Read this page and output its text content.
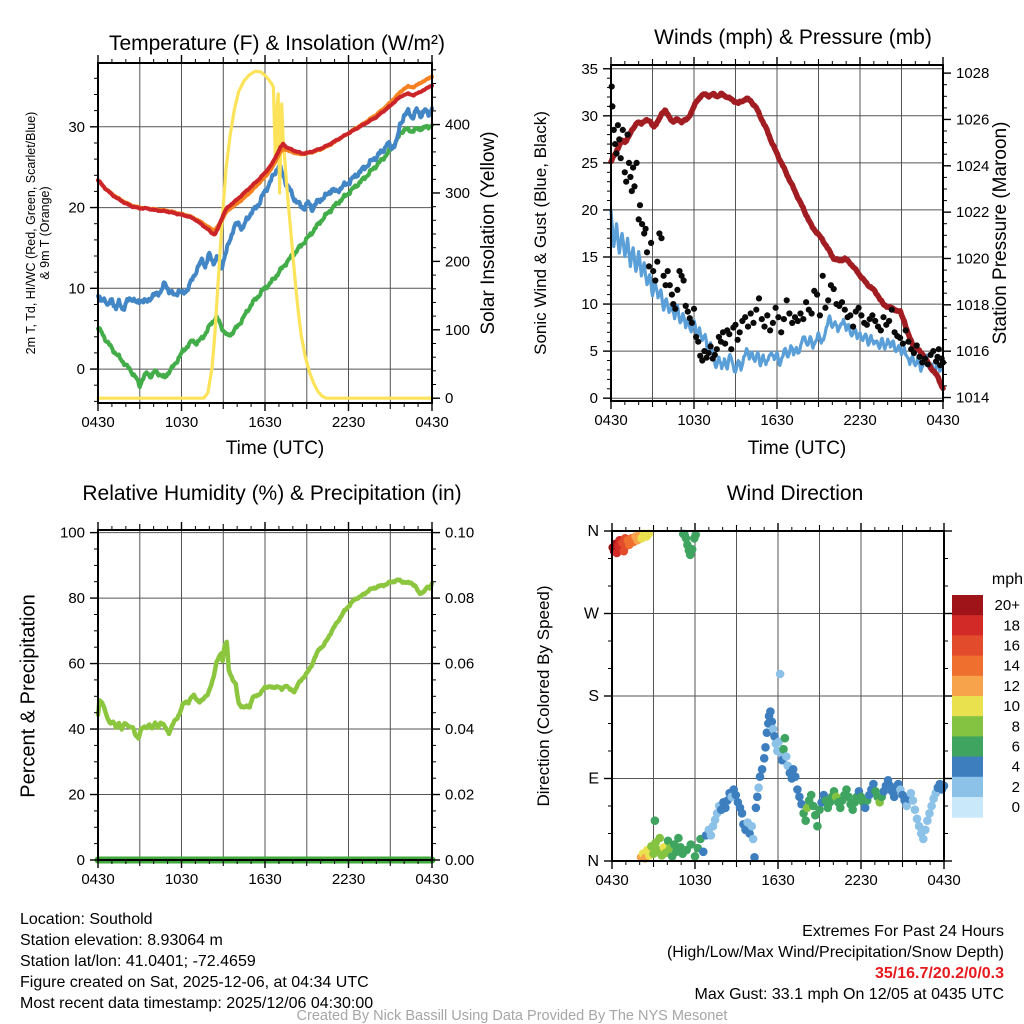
0430	1030	1630	2230	0430
0
10
20
30
0
100
200
300
400
0430	1030	1630	2230	0430
0
5
10
15
20
25
30
35
1014
1016
1018
1020
1022
1024
1026
1028
0430	1030	1630	2230	0430
0
20
40
60
80
100
0.00
0.02
0.04
0.06
0.08
0.10
0430	1030	1630	2230	0430
N
E
S
W
N
mph
20+
18
16
14
12
10
8
6
4
2
0
Temperature (F) & Insolation (W/m²)	Winds (mph) & Pressure (mb)
Relative Humidity (%) & Precipitation (in)	Wind Direction
Time (UTC)	Time (UTC)
2m T, Td, HI/WC (Red, Green, Scarlet/Blue) & 9m T (Orange)	Solar Insolation (Yellow) Sonic Wind & Gust (Blue, Black)	Station Pressure (Maroon)
Percent & Precipitation	Direction (Colored By Speed)
Location: Southold
Station elevation: 8.93064 m
Station lat/lon: 41.0401; -72.4659
Figure created on Sat, 2025-12-06, at 04:34 UTC
Most recent data timestamp: 2025/12/06 04:30:00
Extremes For Past 24 Hours
(High/Low/Max Wind/Precipitation/Snow Depth)
35/16.7/20.2/0/0.3
Max Gust: 33.1 mph On 12/05 at 0435 UTC
Created By Nick Bassill Using Data Provided By The NYS Mesonet
